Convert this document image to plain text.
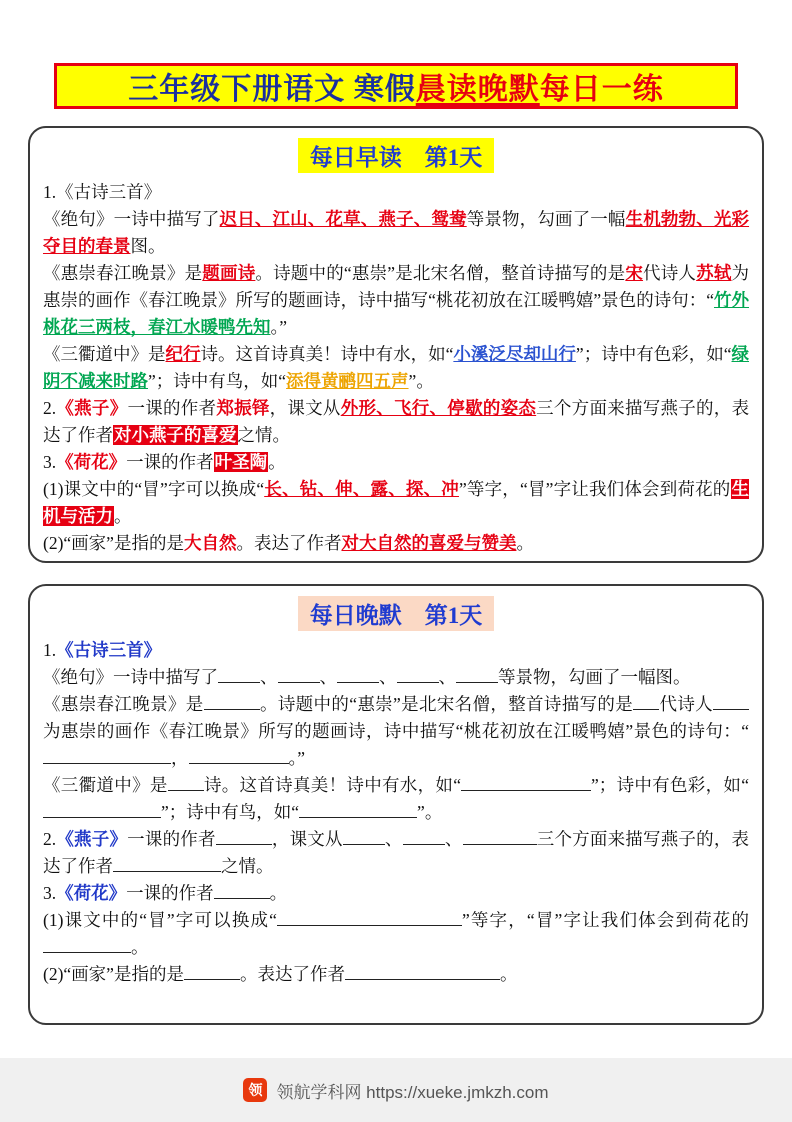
三年级下册语文 寒假 晨读晚默 每日一练
每日早读　第1天

1.《古诗三首》

《绝句》一诗中描写了迟日、江山、花草、燕子、鸳鸯等景物，勾画了一幅生机勃勃、光彩夺目的春景图。

《惠崇春江晚景》是题画诗。诗题中的“惠崇”是北宋名僧，整首诗描写的是宋代诗人苏轼为惠崇的画作《春江晚景》所写的题画诗，诗中描写“桃花初放在江暖鸭嬉”景色的诗句：“竹外桃花三两枝，春江水暖鸭先知。”

《三衢道中》是纪行诗。这首诗真美！诗中有水，如“小溪泛尽却山行”；诗中有色彩，如“绿阴不减来时路”；诗中有鸟，如“添得黄鹂四五声”。

2.《燕子》一课的作者郑振铎，课文从外形、飞行、停歇的姿态三个方面来描写燕子的，表达了作者对小燕子的喜爱之情。

3.《荷花》一课的作者叶圣陶。

(1)课文中的“冒”字可以换成“长、钻、伸、露、探、冲”等字，“冒”字让我们体会到荷花的生机与活力。

(2)“画家”是指的是大自然。表达了作者对大自然的喜爱与赞美。

每日晚默　第1天

1.《古诗三首》

《绝句》一诗中描写了 、 、 、 、 等景物，勾画了一幅图。

《惠崇春江晚景》是	。诗题中的“惠崇”是北宋名僧，整首诗描写的是 代诗人为惠崇的画作《春江晚景》所写的题画诗，诗中描写“桃花初放在江暖鸭嬉”景色的诗句：“，	。”

《三衢道中》是 诗。这首诗真美！诗中有水，如“	”；诗中有色彩，如“”；诗中有鸟，如“	”。

2.《燕子》一课的作者	，课文从 、 、	三个方面来描写燕子的，表达了作者	之情。

3.《荷花》一课的作者	。

(1)课文中的“冒”字可以换成“	”等字，“冒”字让我们体会到荷花的。

(2)“画家”是指的是	。表达了作者	。

领 领航学科网 https://xueke.jmkzh.com
